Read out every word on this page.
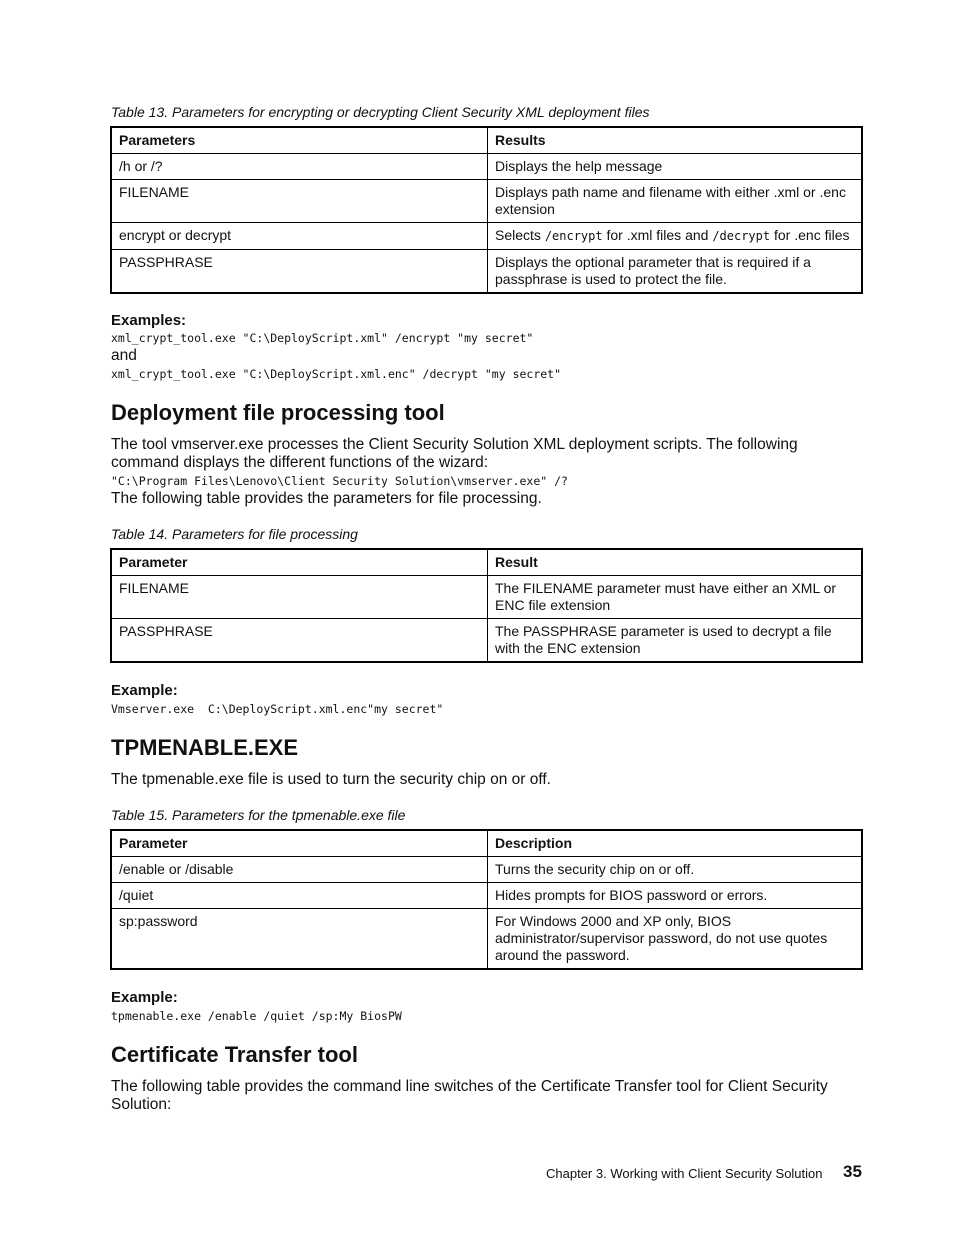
Table 13. Parameters for encrypting or decrypting Client Security XML deployment files
Parameters	Results
/h or /?	Displays the help message
FILENAME	Displays path name and filename with either .xml or .enc extension
encrypt or decrypt	Selects /encrypt for .xml files and /decrypt for .enc files
PASSPHRASE	Displays the optional parameter that is required if a passphrase is used to protect the file.
Examples:
xml_crypt_tool.exe "C:\DeployScript.xml" /encrypt "my secret"
and
xml_crypt_tool.exe "C:\DeployScript.xml.enc" /decrypt "my secret"
Deployment file processing tool
The tool vmserver.exe processes the Client Security Solution XML deployment scripts. The following command displays the different functions of the wizard:
"C:\Program Files\Lenovo\Client Security Solution\vmserver.exe" /?
The following table provides the parameters for file processing.
Table 14. Parameters for file processing
Parameter	Result
FILENAME	The FILENAME parameter must have either an XML or ENC file extension
PASSPHRASE	The PASSPHRASE parameter is used to decrypt a file with the ENC extension
Example:
Vmserver.exe  C:\DeployScript.xml.enc"my secret"
TPMENABLE.EXE
The tpmenable.exe file is used to turn the security chip on or off.
Table 15. Parameters for the tpmenable.exe file
Parameter	Description
/enable or /disable	Turns the security chip on or off.
/quiet	Hides prompts for BIOS password or errors.
sp:password	For Windows 2000 and XP only, BIOS administrator/supervisor password, do not use quotes around the password.
Example:
tpmenable.exe /enable /quiet /sp:My BiosPW
Certificate Transfer tool
The following table provides the command line switches of the Certificate Transfer tool for Client Security Solution:
Chapter 3. Working with Client Security Solution 35
